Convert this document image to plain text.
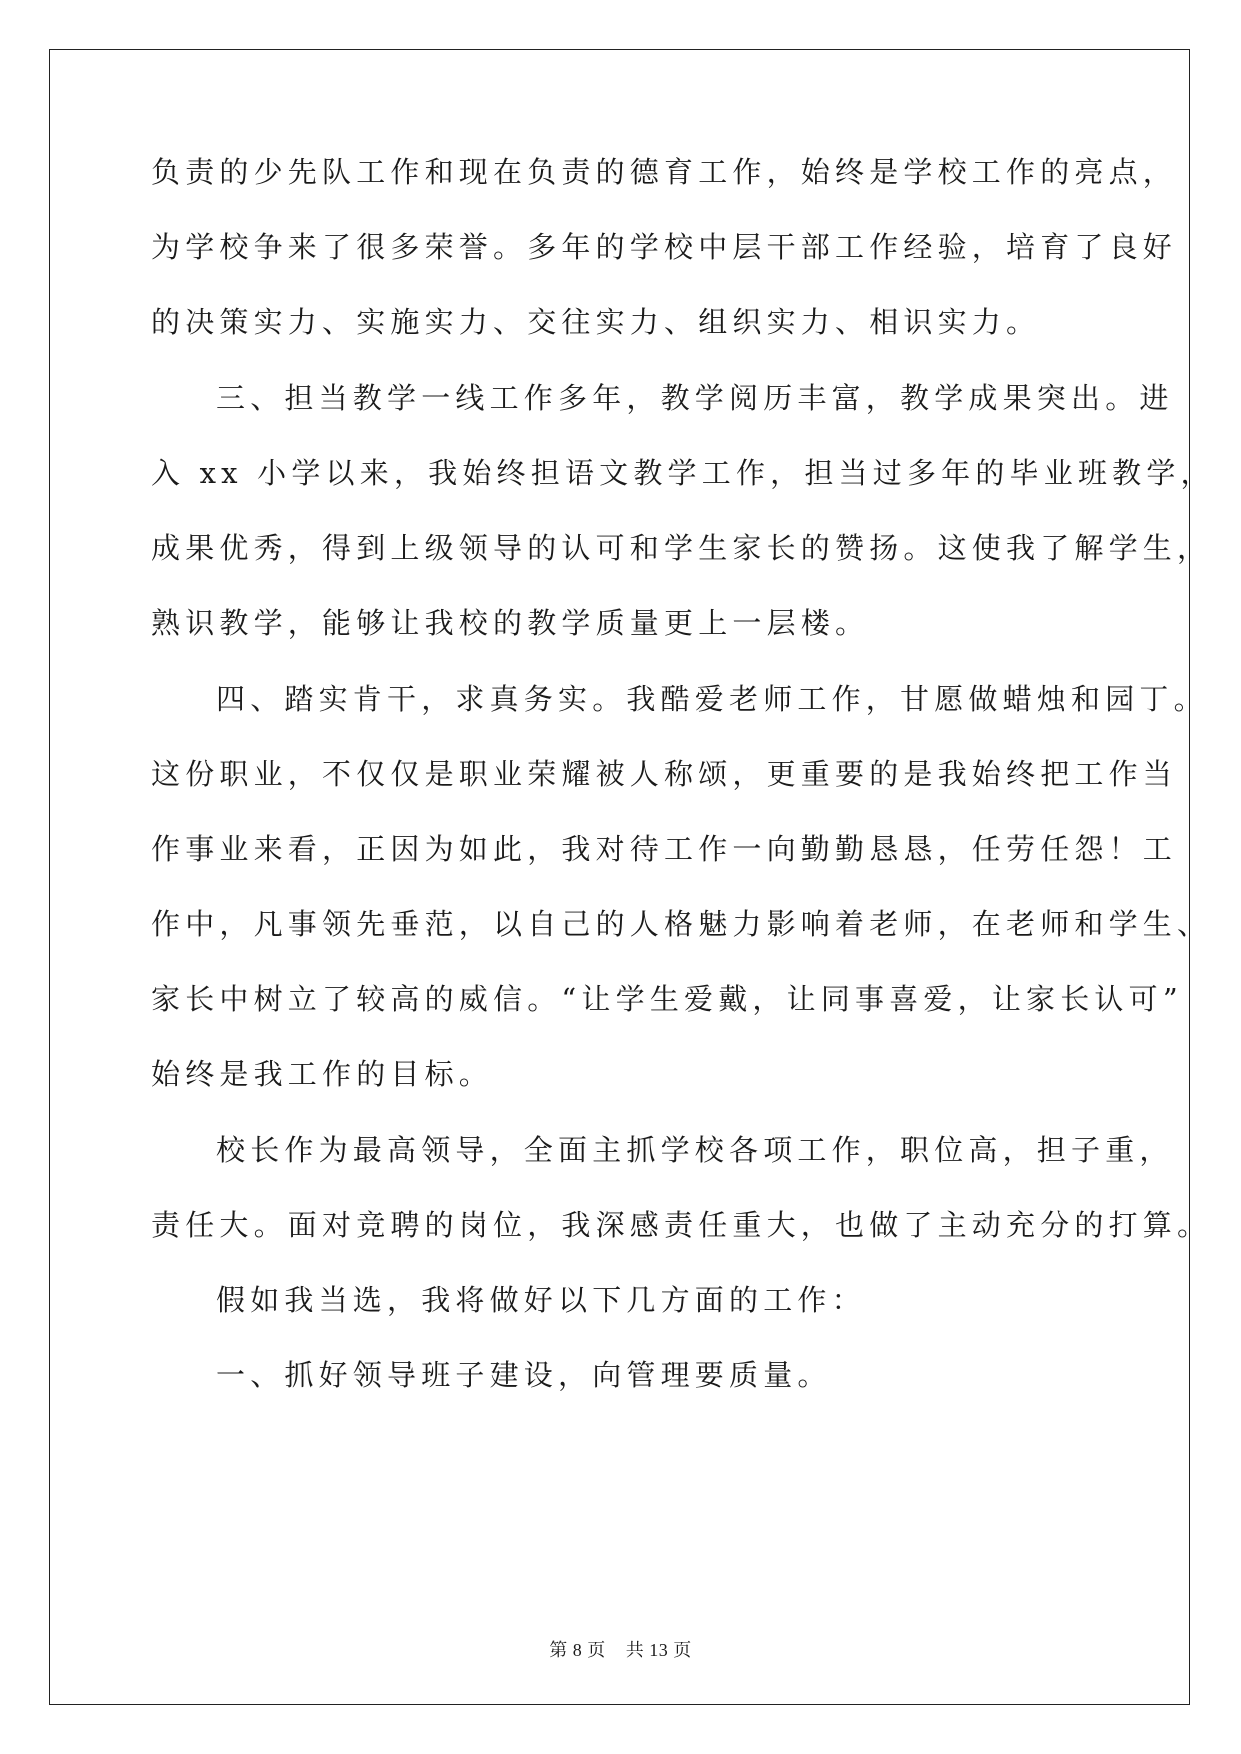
负责的少先队工作和现在负责的德育工作，始终是学校工作的亮点，
为学校争来了很多荣誉。多年的学校中层干部工作经验，培育了良好
的决策实力、实施实力、交往实力、组织实力、相识实力。
三、担当教学一线工作多年，教学阅历丰富，教学成果突出。进
入 xx 小学以来，我始终担语文教学工作，担当过多年的毕业班教学，
成果优秀，得到上级领导的认可和学生家长的赞扬。这使我了解学生，
熟识教学，能够让我校的教学质量更上一层楼。
四、踏实肯干，求真务实。我酷爱老师工作，甘愿做蜡烛和园丁。
这份职业，不仅仅是职业荣耀被人称颂，更重要的是我始终把工作当
作事业来看，正因为如此，我对待工作一向勤勤恳恳，任劳任怨！工
作中，凡事领先垂范，以自己的人格魅力影响着老师，在老师和学生、
家长中树立了较高的威信。“让学生爱戴，让同事喜爱，让家长认可”
始终是我工作的目标。
校长作为最高领导，全面主抓学校各项工作，职位高，担子重，
责任大。面对竞聘的岗位，我深感责任重大，也做了主动充分的打算。
假如我当选，我将做好以下几方面的工作：
一、抓好领导班子建设，向管理要质量。
第 8 页 共 13 页
